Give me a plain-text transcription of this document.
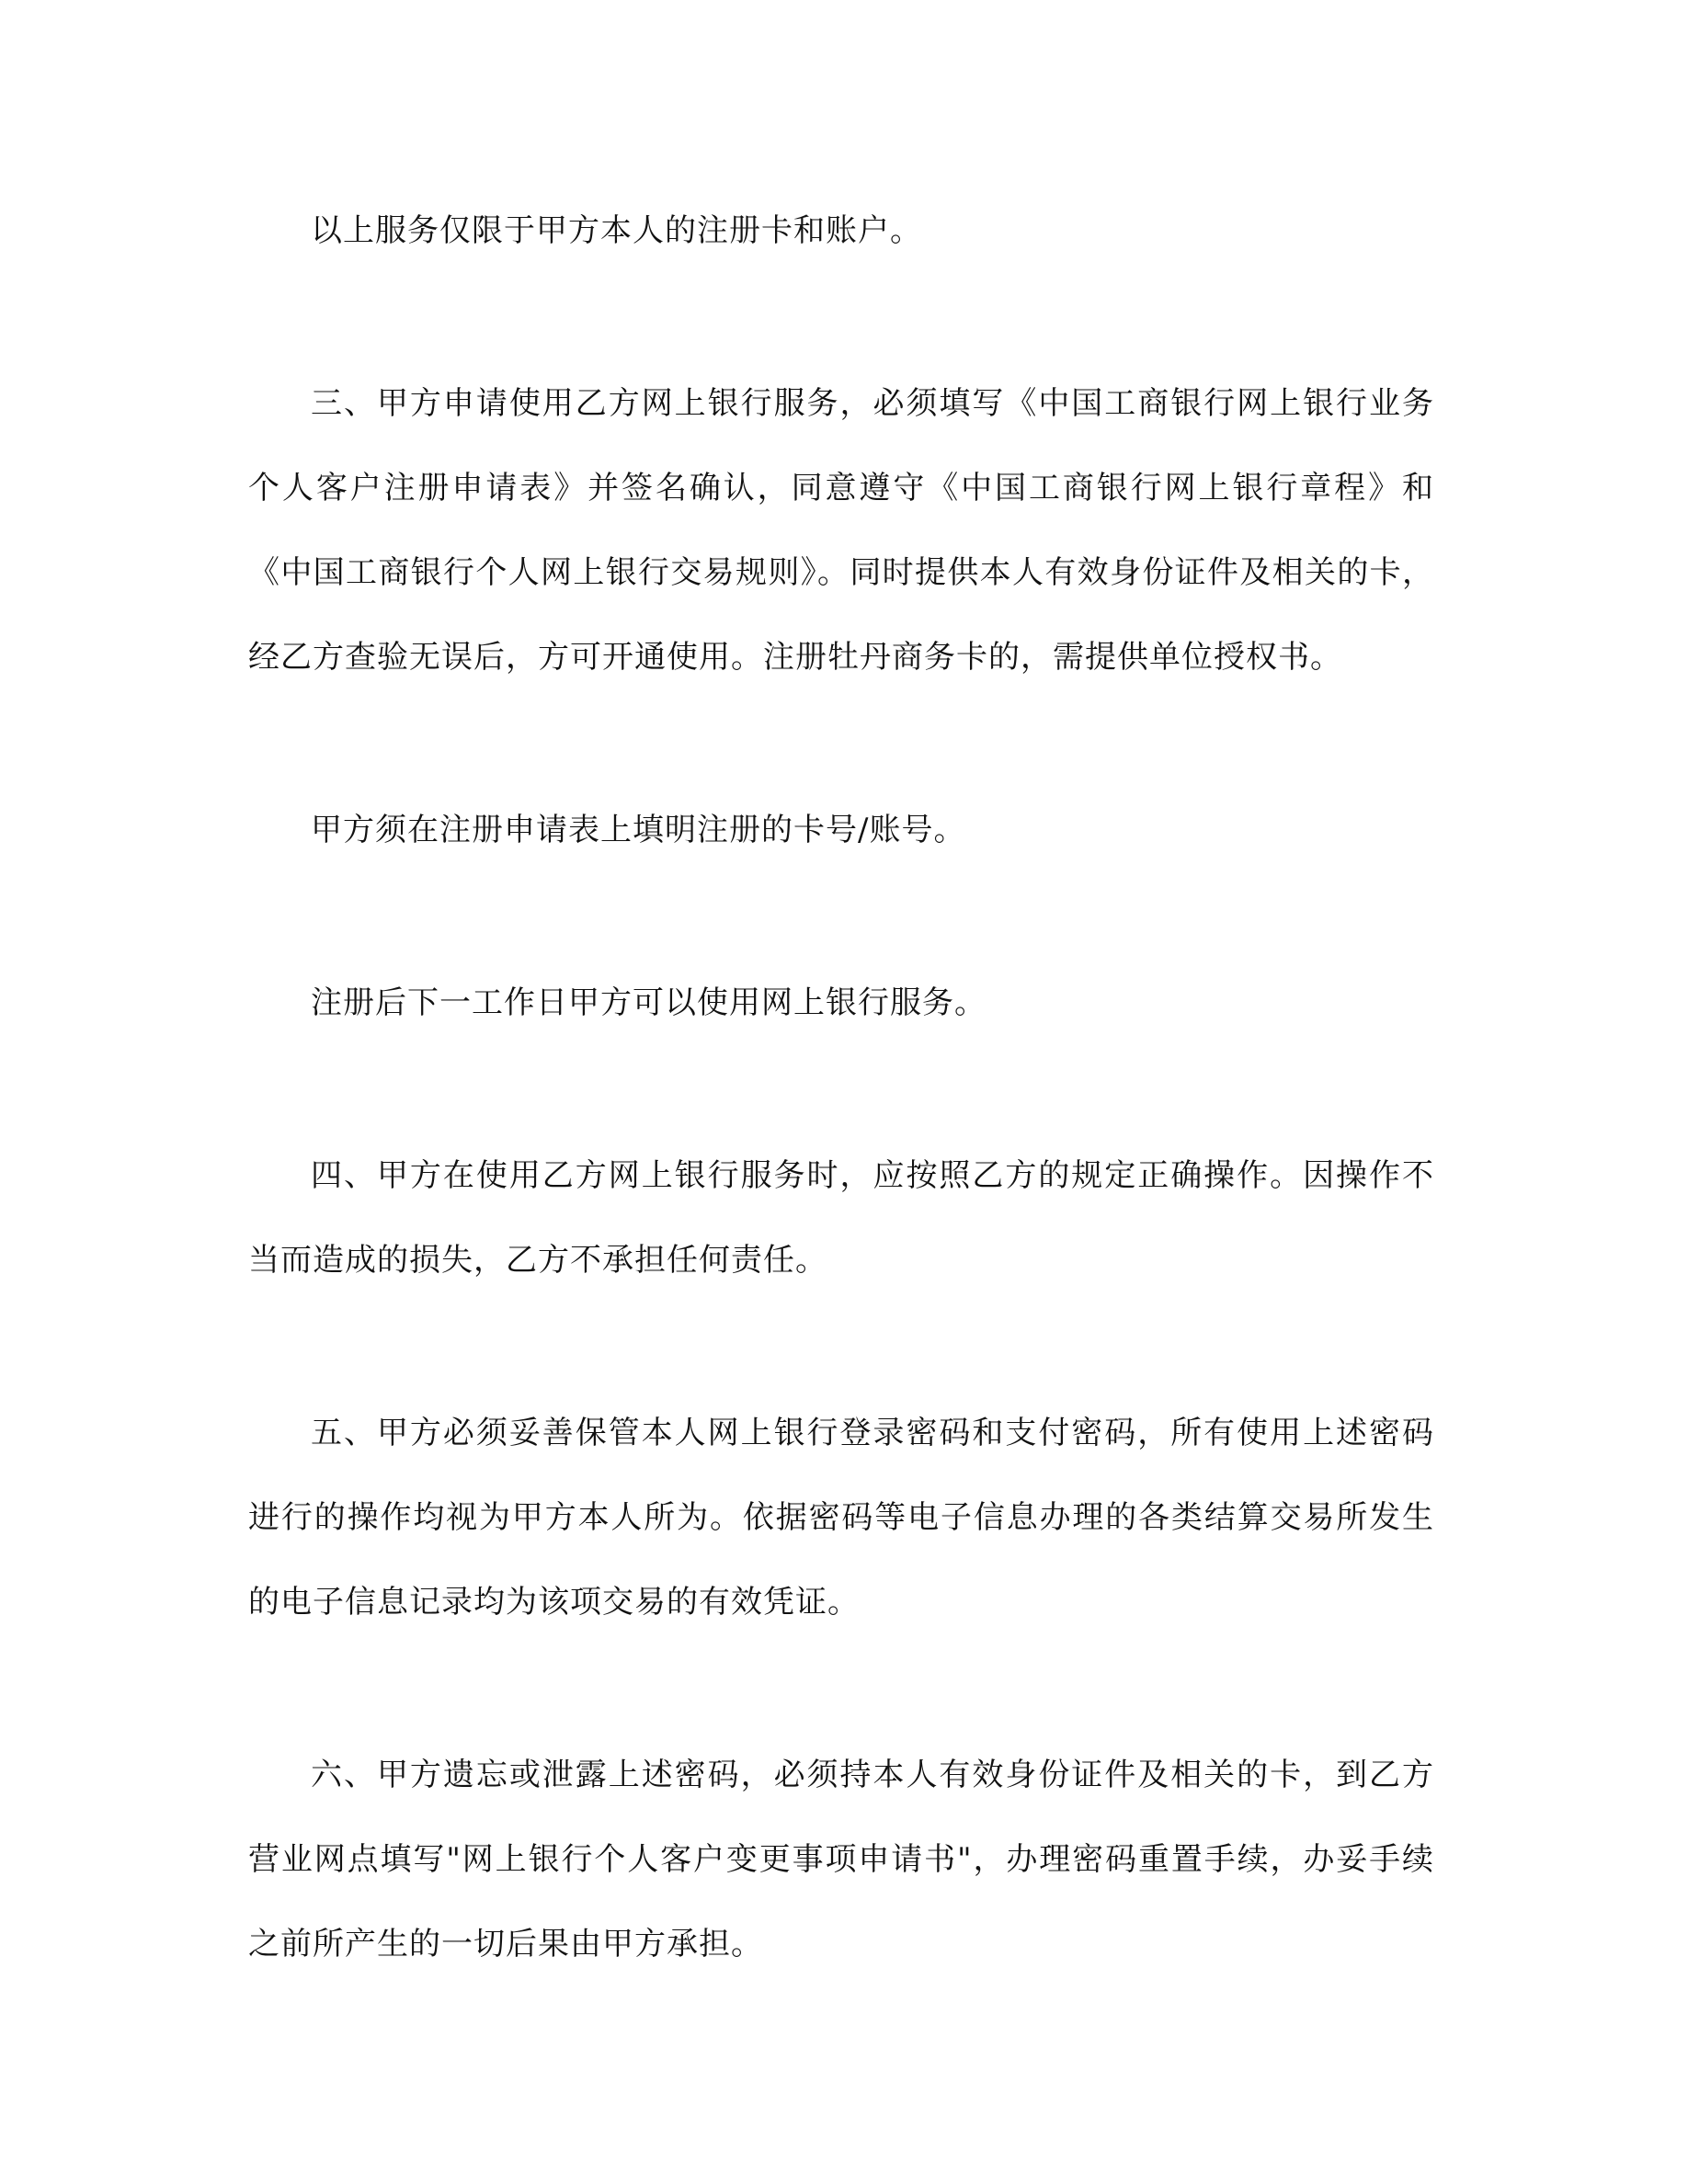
以上服务仅限于甲方本人的注册卡和账户。

三、甲方申请使用乙方网上银行服务，必须填写《中国工商银行网上银行业务个人客户注册申请表》并签名确认，同意遵守《中国工商银行网上银行章程》和《中国工商银行个人网上银行交易规则》。同时提供本人有效身份证件及相关的卡，经乙方查验无误后，方可开通使用。注册牡丹商务卡的，需提供单位授权书。

甲方须在注册申请表上填明注册的卡号/账号。

注册后下一工作日甲方可以使用网上银行服务。

四、甲方在使用乙方网上银行服务时，应按照乙方的规定正确操作。因操作不当而造成的损失，乙方不承担任何责任。

五、甲方必须妥善保管本人网上银行登录密码和支付密码，所有使用上述密码进行的操作均视为甲方本人所为。依据密码等电子信息办理的各类结算交易所发生的电子信息记录均为该项交易的有效凭证。

六、甲方遗忘或泄露上述密码，必须持本人有效身份证件及相关的卡，到乙方营业网点填写"网上银行个人客户变更事项申请书"，办理密码重置手续，办妥手续之前所产生的一切后果由甲方承担。
